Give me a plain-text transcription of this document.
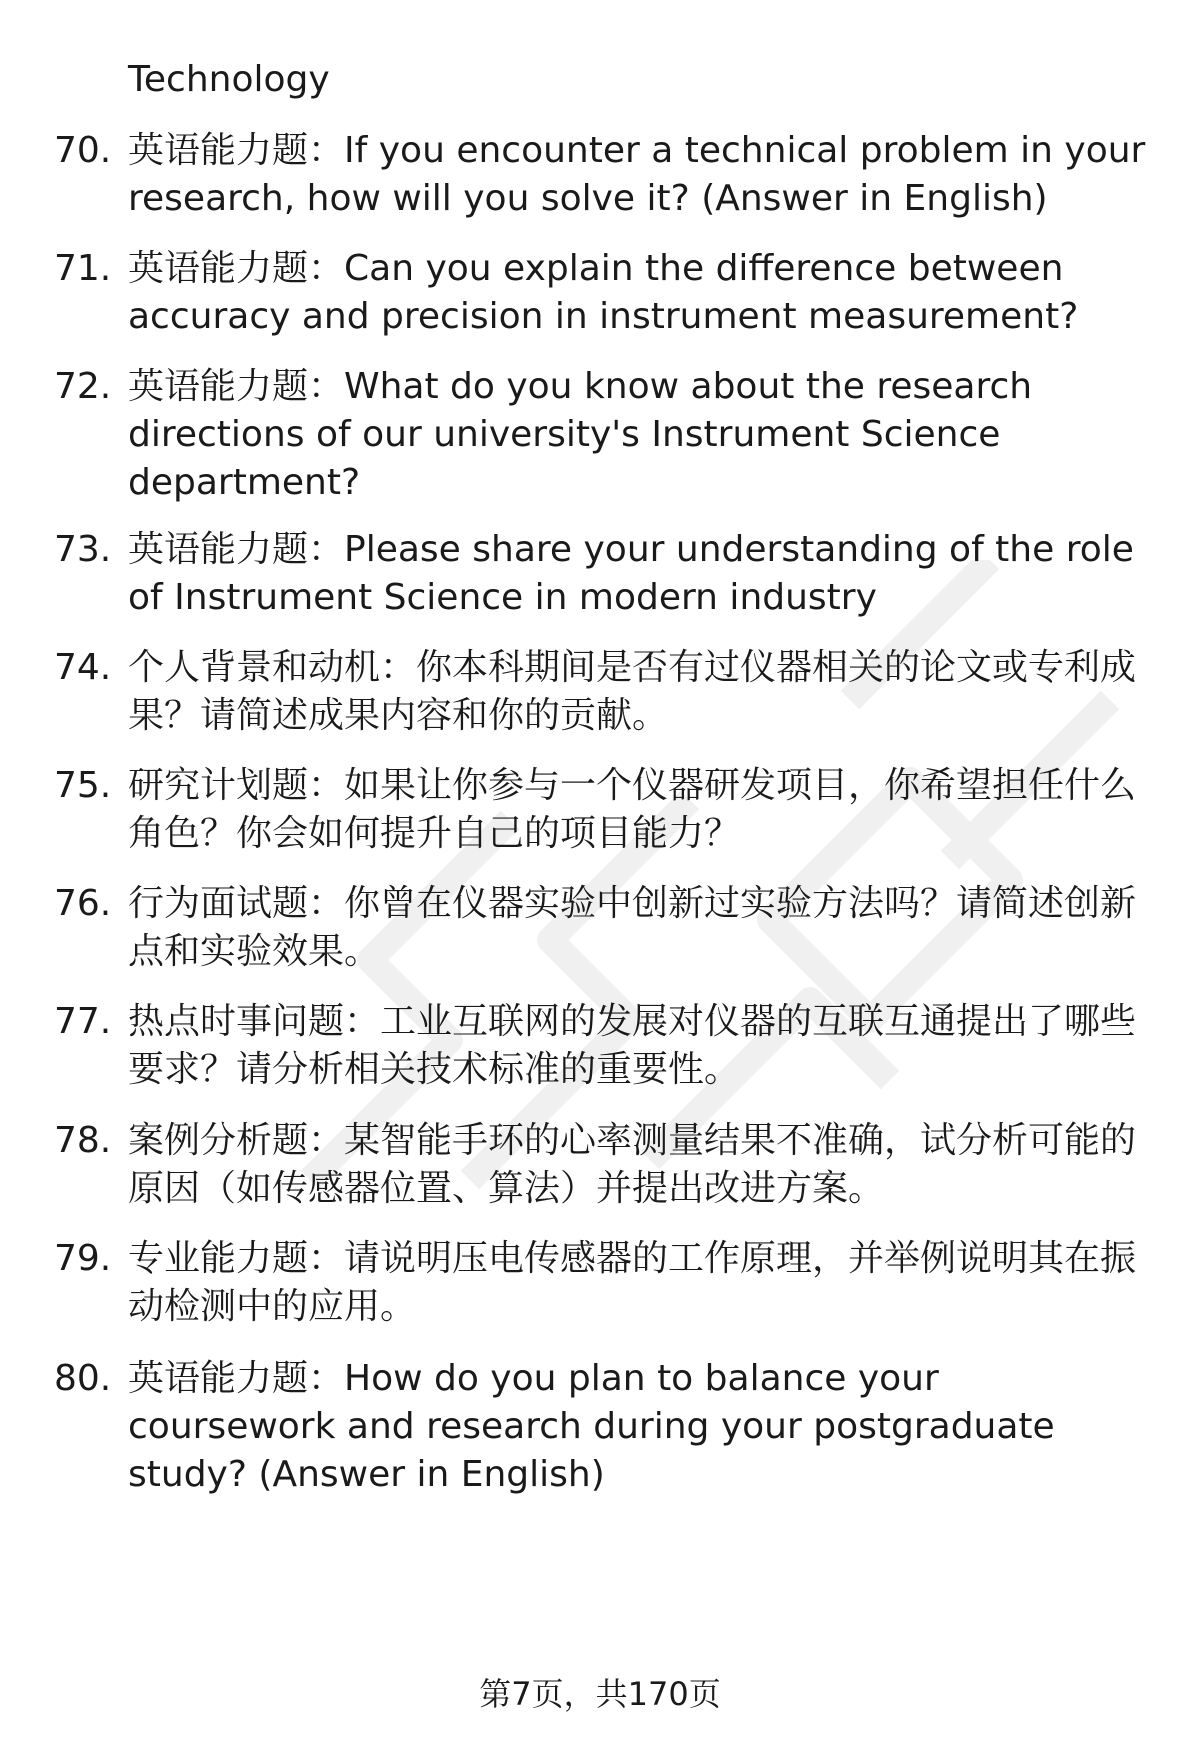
Technology
70. 英语能力题：If you encounter a technical problem in your research, how will you solve it? (Answer in English)
71. 英语能力题：Can you explain the difference between accuracy and precision in instrument measurement?
72. 英语能力题：What do you know about the research directions of our university's Instrument Science department?
73. 英语能力题：Please share your understanding of the role of Instrument Science in modern industry
74. 个人背景和动机：你本科期间是否有过仪器相关的论文或专利成果？请简述成果内容和你的贡献。
75. 研究计划题：如果让你参与一个仪器研发项目，你希望担任什么角色？你会如何提升自己的项目能力？
76. 行为面试题：你曾在仪器实验中创新过实验方法吗？请简述创新点和实验效果。
77. 热点时事问题：工业互联网的发展对仪器的互联互通提出了哪些要求？请分析相关技术标准的重要性。
78. 案例分析题：某智能手环的心率测量结果不准确，试分析可能的原因（如传感器位置、算法）并提出改进方案。
79. 专业能力题：请说明压电传感器的工作原理，并举例说明其在振动检测中的应用。
80. 英语能力题：How do you plan to balance your coursework and research during your postgraduate study? (Answer in English)
第7页，共170页
